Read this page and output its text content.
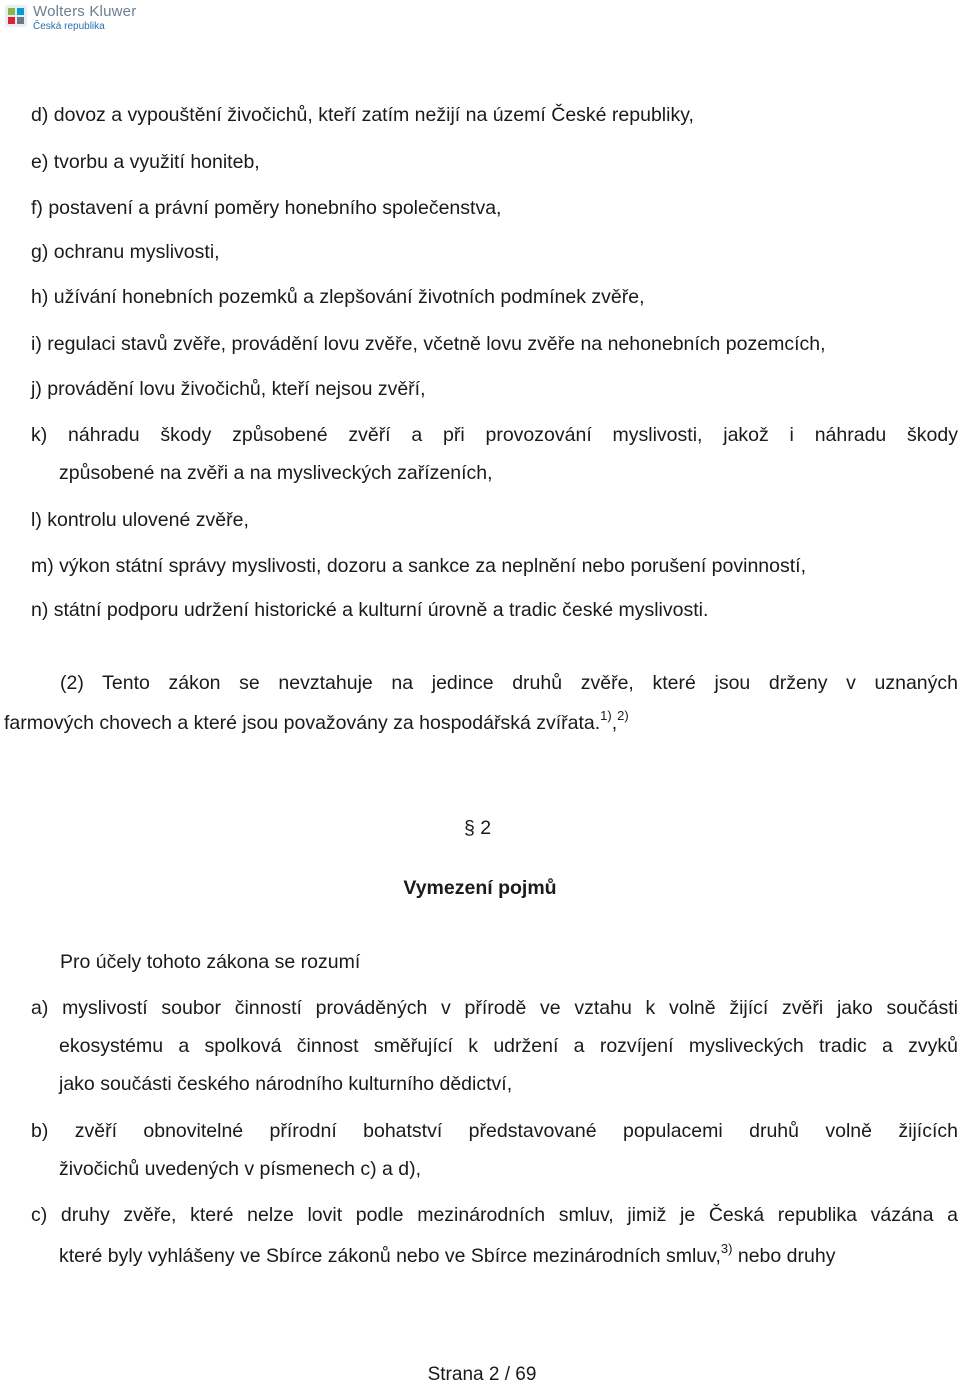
Wolters Kluwer
Česká republika
d) dovoz a vypouštění živočichů, kteří zatím nežijí na území České republiky,
e) tvorbu a využití honiteb,
f) postavení a právní poměry honebního společenstva,
g) ochranu myslivosti,
h) užívání honebních pozemků a zlepšování životních podmínek zvěře,
i) regulaci stavů zvěře, provádění lovu zvěře, včetně lovu zvěře na nehonebních pozemcích,
j) provádění lovu živočichů, kteří nejsou zvěří,
k) náhradu škody způsobené zvěří a při provozování myslivosti, jakož i náhradu škody
způsobené na zvěři a na mysliveckých zařízeních,
l) kontrolu ulovené zvěře,
m) výkon státní správy myslivosti, dozoru a sankce za neplnění nebo porušení povinností,
n) státní podporu udržení historické a kulturní úrovně a tradic české myslivosti.
(2) Tento zákon se nevztahuje na jedince druhů zvěře, které jsou drženy v uznaných
farmových chovech a které jsou považovány za hospodářská zvířata.$^{1)}$,$^{2)}$
§ 2
Vymezení pojmů
Pro účely tohoto zákona se rozumí
a) myslivostí soubor činností prováděných v přírodě ve vztahu k volně žijící zvěři jako součásti
ekosystému a spolková činnost směřující k udržení a rozvíjení mysliveckých tradic a zvyků
jako součásti českého národního kulturního dědictví,
b) zvěří obnovitelné přírodní bohatství představované populacemi druhů volně žijících
živočichů uvedených v písmenech c) a d),
c) druhy zvěře, které nelze lovit podle mezinárodních smluv, jimiž je Česká republika vázána a
které byly vyhlášeny ve Sbírce zákonů nebo ve Sbírce mezinárodních smluv,$^{3)}$ nebo druhy
Strana 2 / 69
